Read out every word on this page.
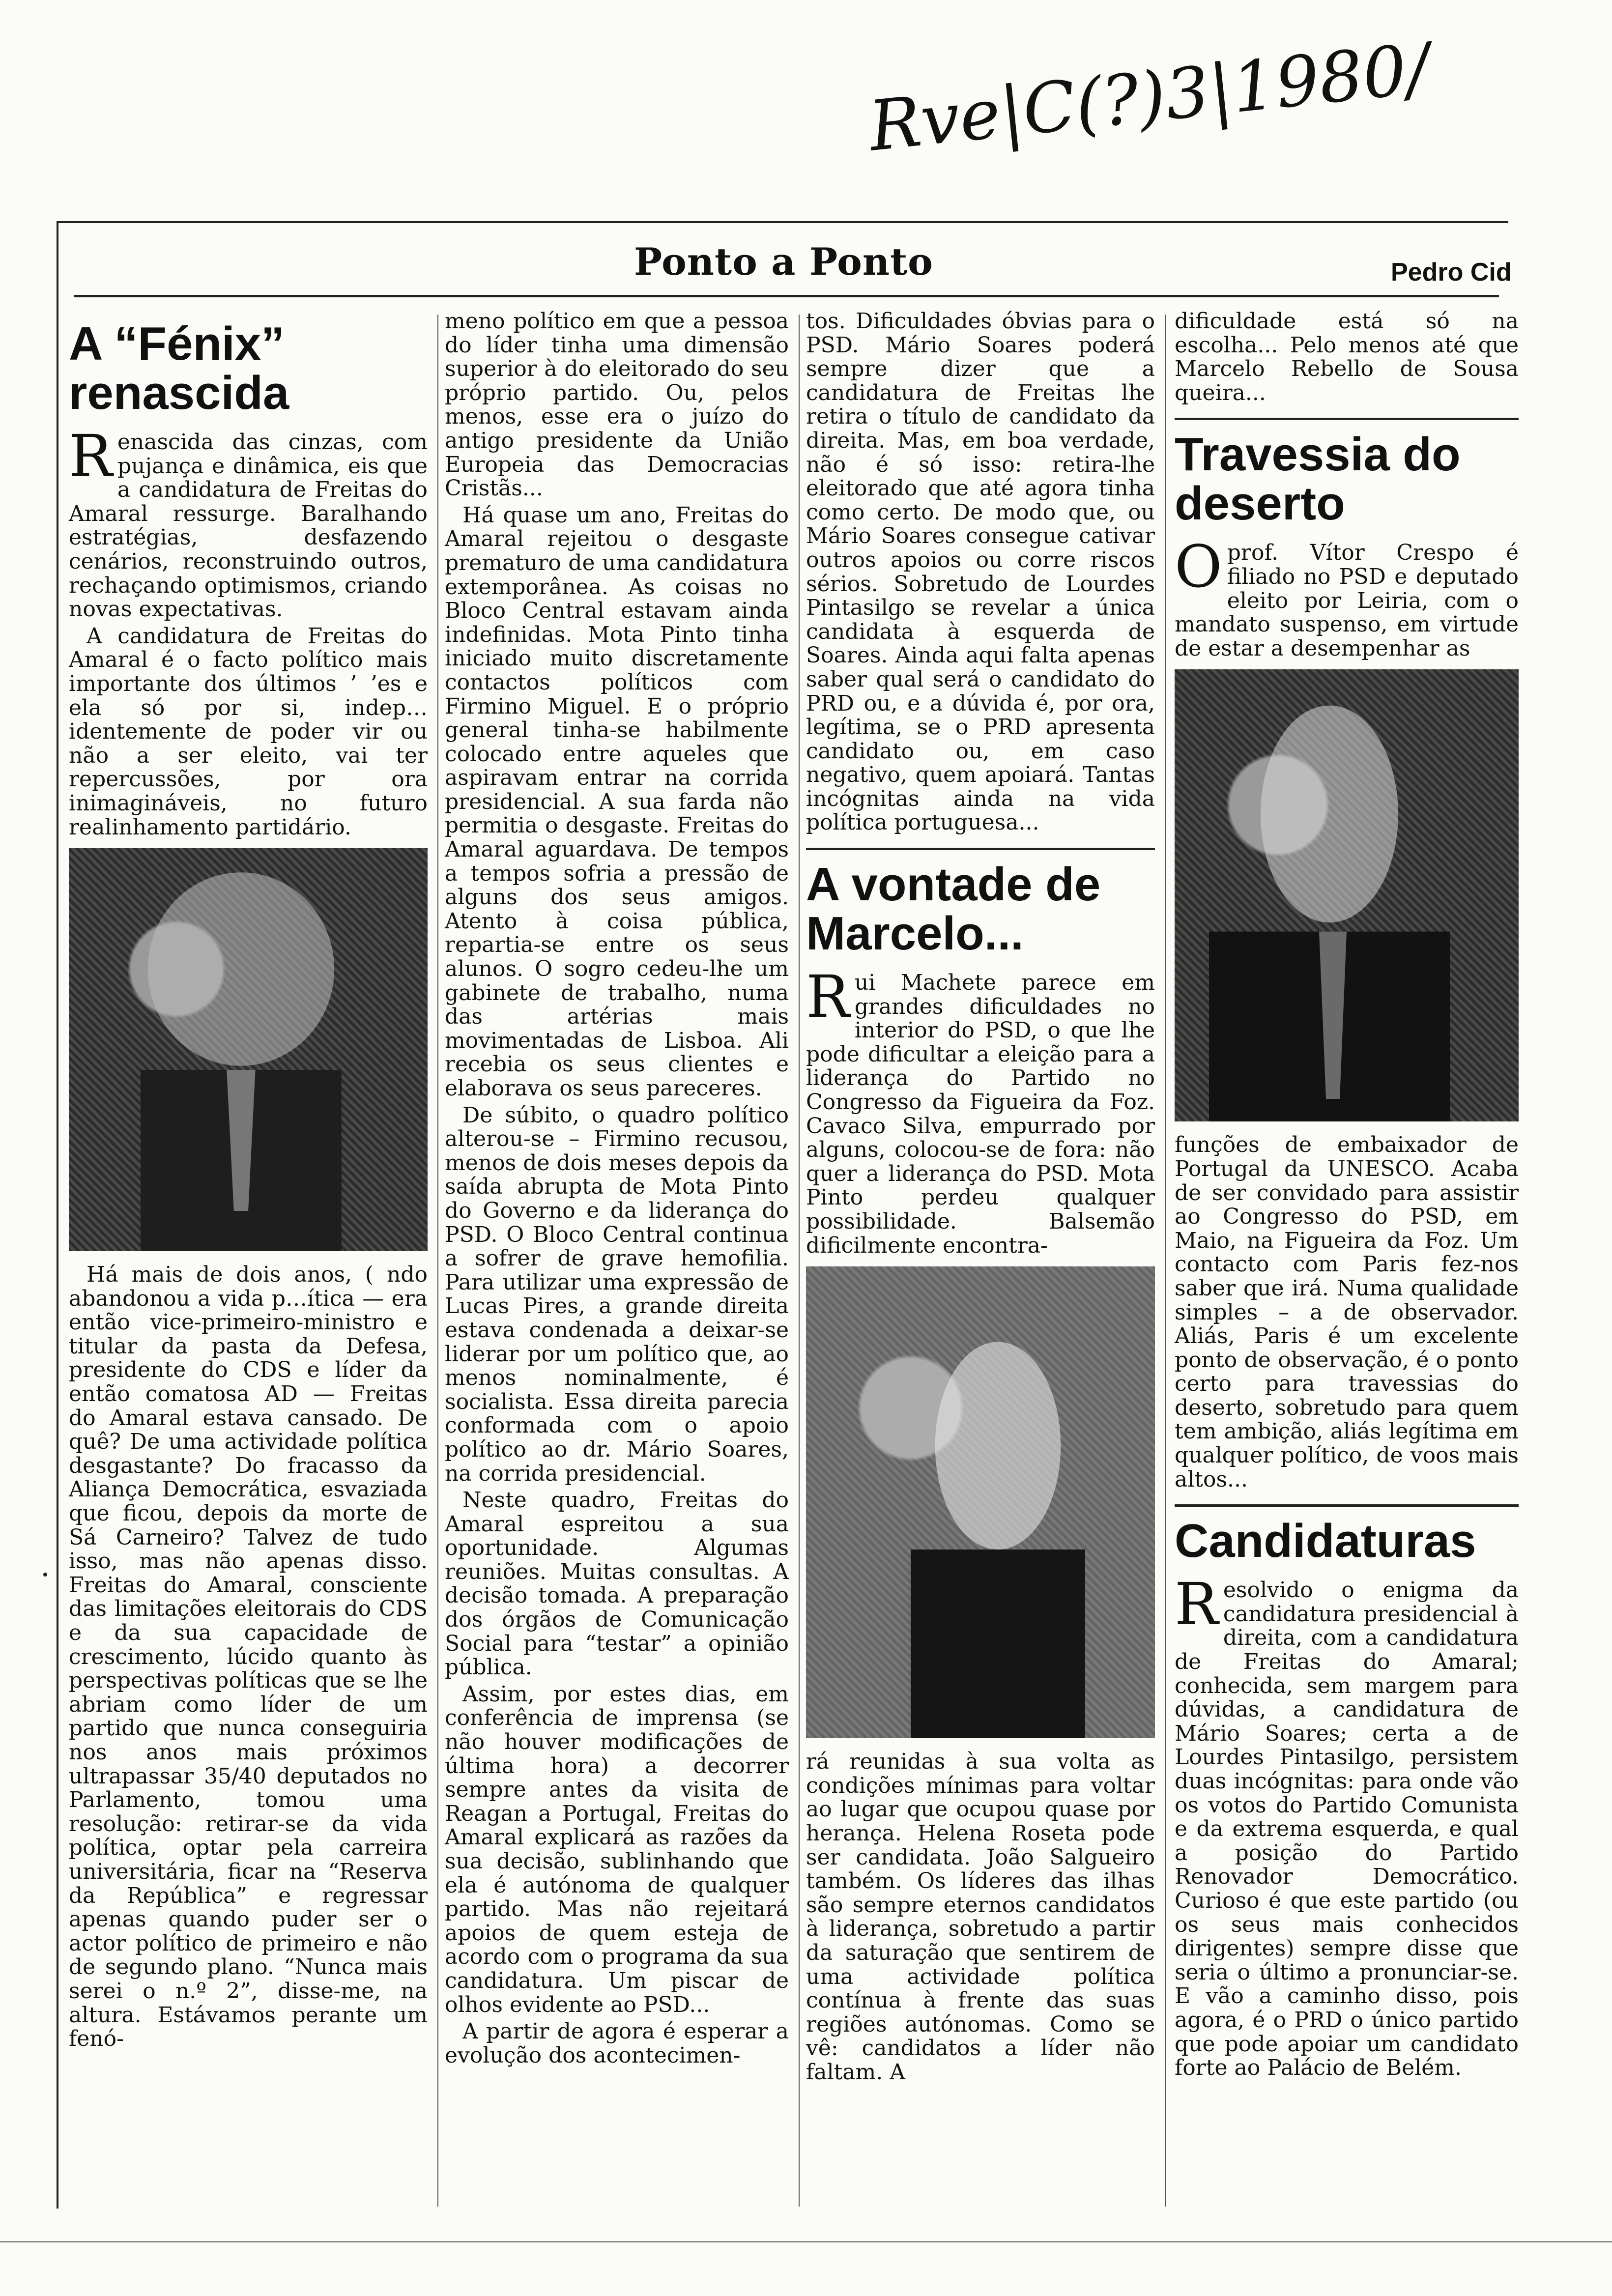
Rve|C(?)3|1980/
Ponto a Ponto	Pedro Cid
A “Fénix” renascida

Renascida das cinzas, com pujança e dinâmica, eis que a candidatura de Freitas do Amaral ressurge. Baralhando estratégias, desfazendo cenários, reconstruindo outros, rechaçando optimismos, criando novas expectativas.

A candidatura de Freitas do Amaral é o facto político mais importante dos últimos ’ ’es e ela só por si, indep…identemente de poder vir ou não a ser eleito, vai ter repercussões, por ora inimagináveis, no futuro realinhamento partidário.

Há mais de dois anos, ( ndo abandonou a vida p…ítica — era então vice-primeiro-ministro e titular da pasta da Defesa, presidente do CDS e líder da então comatosa AD — Freitas do Amaral estava cansado. De quê? De uma actividade política desgastante? Do fracasso da Aliança Democrática, esvaziada que ficou, depois da morte de Sá Carneiro? Talvez de tudo isso, mas não apenas disso. Freitas do Amaral, consciente das limitações eleitorais do CDS e da sua capacidade de crescimento, lúcido quanto às perspectivas políticas que se lhe abriam como líder de um partido que nunca conseguiria nos anos mais próximos ultrapassar 35/40 deputados no Parlamento, tomou uma resolução: retirar-se da vida política, optar pela carreira universitária, ficar na “Reserva da República” e regressar apenas quando puder ser o actor político de primeiro e não de segundo plano. “Nunca mais serei o n.º 2”, disse-me, na altura. Estávamos perante um fenó-

meno político em que a pessoa do líder tinha uma dimensão superior à do eleitorado do seu próprio partido. Ou, pelos menos, esse era o juízo do antigo presidente da União Europeia das Democracias Cristãs...

Há quase um ano, Freitas do Amaral rejeitou o desgaste prematuro de uma candidatura extemporânea. As coisas no Bloco Central estavam ainda indefinidas. Mota Pinto tinha iniciado muito discretamente contactos políticos com Firmino Miguel. E o próprio general tinha-se habilmente colocado entre aqueles que aspiravam entrar na corrida presidencial. A sua farda não permitia o desgaste. Freitas do Amaral aguardava. De tempos a tempos sofria a pressão de alguns dos seus amigos. Atento à coisa pública, repartia-se entre os seus alunos. O sogro cedeu-lhe um gabinete de trabalho, numa das artérias mais movimentadas de Lisboa. Ali recebia os seus clientes e elaborava os seus pareceres.

De súbito, o quadro político alterou-se – Firmino recusou, menos de dois meses depois da saída abrupta de Mota Pinto do Governo e da liderança do PSD. O Bloco Central continua a sofrer de grave hemofilia. Para utilizar uma expressão de Lucas Pires, a grande direita estava condenada a deixar-se liderar por um político que, ao menos nominalmente, é socialista. Essa direita parecia conformada com o apoio político ao dr. Mário Soares, na corrida presidencial.

Neste quadro, Freitas do Amaral espreitou a sua oportunidade. Algumas reuniões. Muitas consultas. A decisão tomada. A preparação dos órgãos de Comunicação Social para “testar” a opinião pública.

Assim, por estes dias, em conferência de imprensa (se não houver modificações de última hora) a decorrer sempre antes da visita de Reagan a Portugal, Freitas do Amaral explicará as razões da sua decisão, sublinhando que ela é autónoma de qualquer partido. Mas não rejeitará apoios de quem esteja de acordo com o programa da sua candidatura. Um piscar de olhos evidente ao PSD...

A partir de agora é esperar a evolução dos acontecimen-

tos. Dificuldades óbvias para o PSD. Mário Soares poderá sempre dizer que a candidatura de Freitas lhe retira o título de candidato da direita. Mas, em boa verdade, não é só isso: retira-lhe eleitorado que até agora tinha como certo. De modo que, ou Mário Soares consegue cativar outros apoios ou corre riscos sérios. Sobretudo de Lourdes Pintasilgo se revelar a única candidata à esquerda de Soares. Ainda aqui falta apenas saber qual será o candidato do PRD ou, e a dúvida é, por ora, legítima, se o PRD apresenta candidato ou, em caso negativo, quem apoiará. Tantas incógnitas ainda na vida política portuguesa...

A vontade de Marcelo...

Rui Machete parece em grandes dificuldades no interior do PSD, o que lhe pode dificultar a eleição para a liderança do Partido no Congresso da Figueira da Foz. Cavaco Silva, empurrado por alguns, colocou-se de fora: não quer a liderança do PSD. Mota Pinto perdeu qualquer possibilidade. Balsemão dificilmente encontra-

rá reunidas à sua volta as condições mínimas para voltar ao lugar que ocupou quase por herança. Helena Roseta pode ser candidata. João Salgueiro também. Os líderes das ilhas são sempre eternos candidatos à liderança, sobretudo a partir da saturação que sentirem de uma actividade política contínua à frente das suas regiões autónomas. Como se vê: candidatos a líder não faltam. A

dificuldade está só na escolha... Pelo menos até que Marcelo Rebello de Sousa queira...

Travessia do deserto

Oprof. Vítor Crespo é filiado no PSD e deputado eleito por Leiria, com o mandato suspenso, em virtude de estar a desempenhar as

funções de embaixador de Portugal da UNESCO. Acaba de ser convidado para assistir ao Congresso do PSD, em Maio, na Figueira da Foz. Um contacto com Paris fez-nos saber que irá. Numa qualidade simples – a de observador. Aliás, Paris é um excelente ponto de observação, é o ponto certo para travessias do deserto, sobretudo para quem tem ambição, aliás legítima em qualquer político, de voos mais altos...

Candidaturas

Resolvido o enigma da candidatura presidencial à direita, com a candidatura de Freitas do Amaral; conhecida, sem margem para dúvidas, a candidatura de Mário Soares; certa a de Lourdes Pintasilgo, persistem duas incógnitas: para onde vão os votos do Partido Comunista e da extrema esquerda, e qual a posição do Partido Renovador Democrático. Curioso é que este partido (ou os seus mais conhecidos dirigentes) sempre disse que seria o último a pronunciar-se. E vão a caminho disso, pois agora, é o PRD o único partido que pode apoiar um candidato forte ao Palácio de Belém.
